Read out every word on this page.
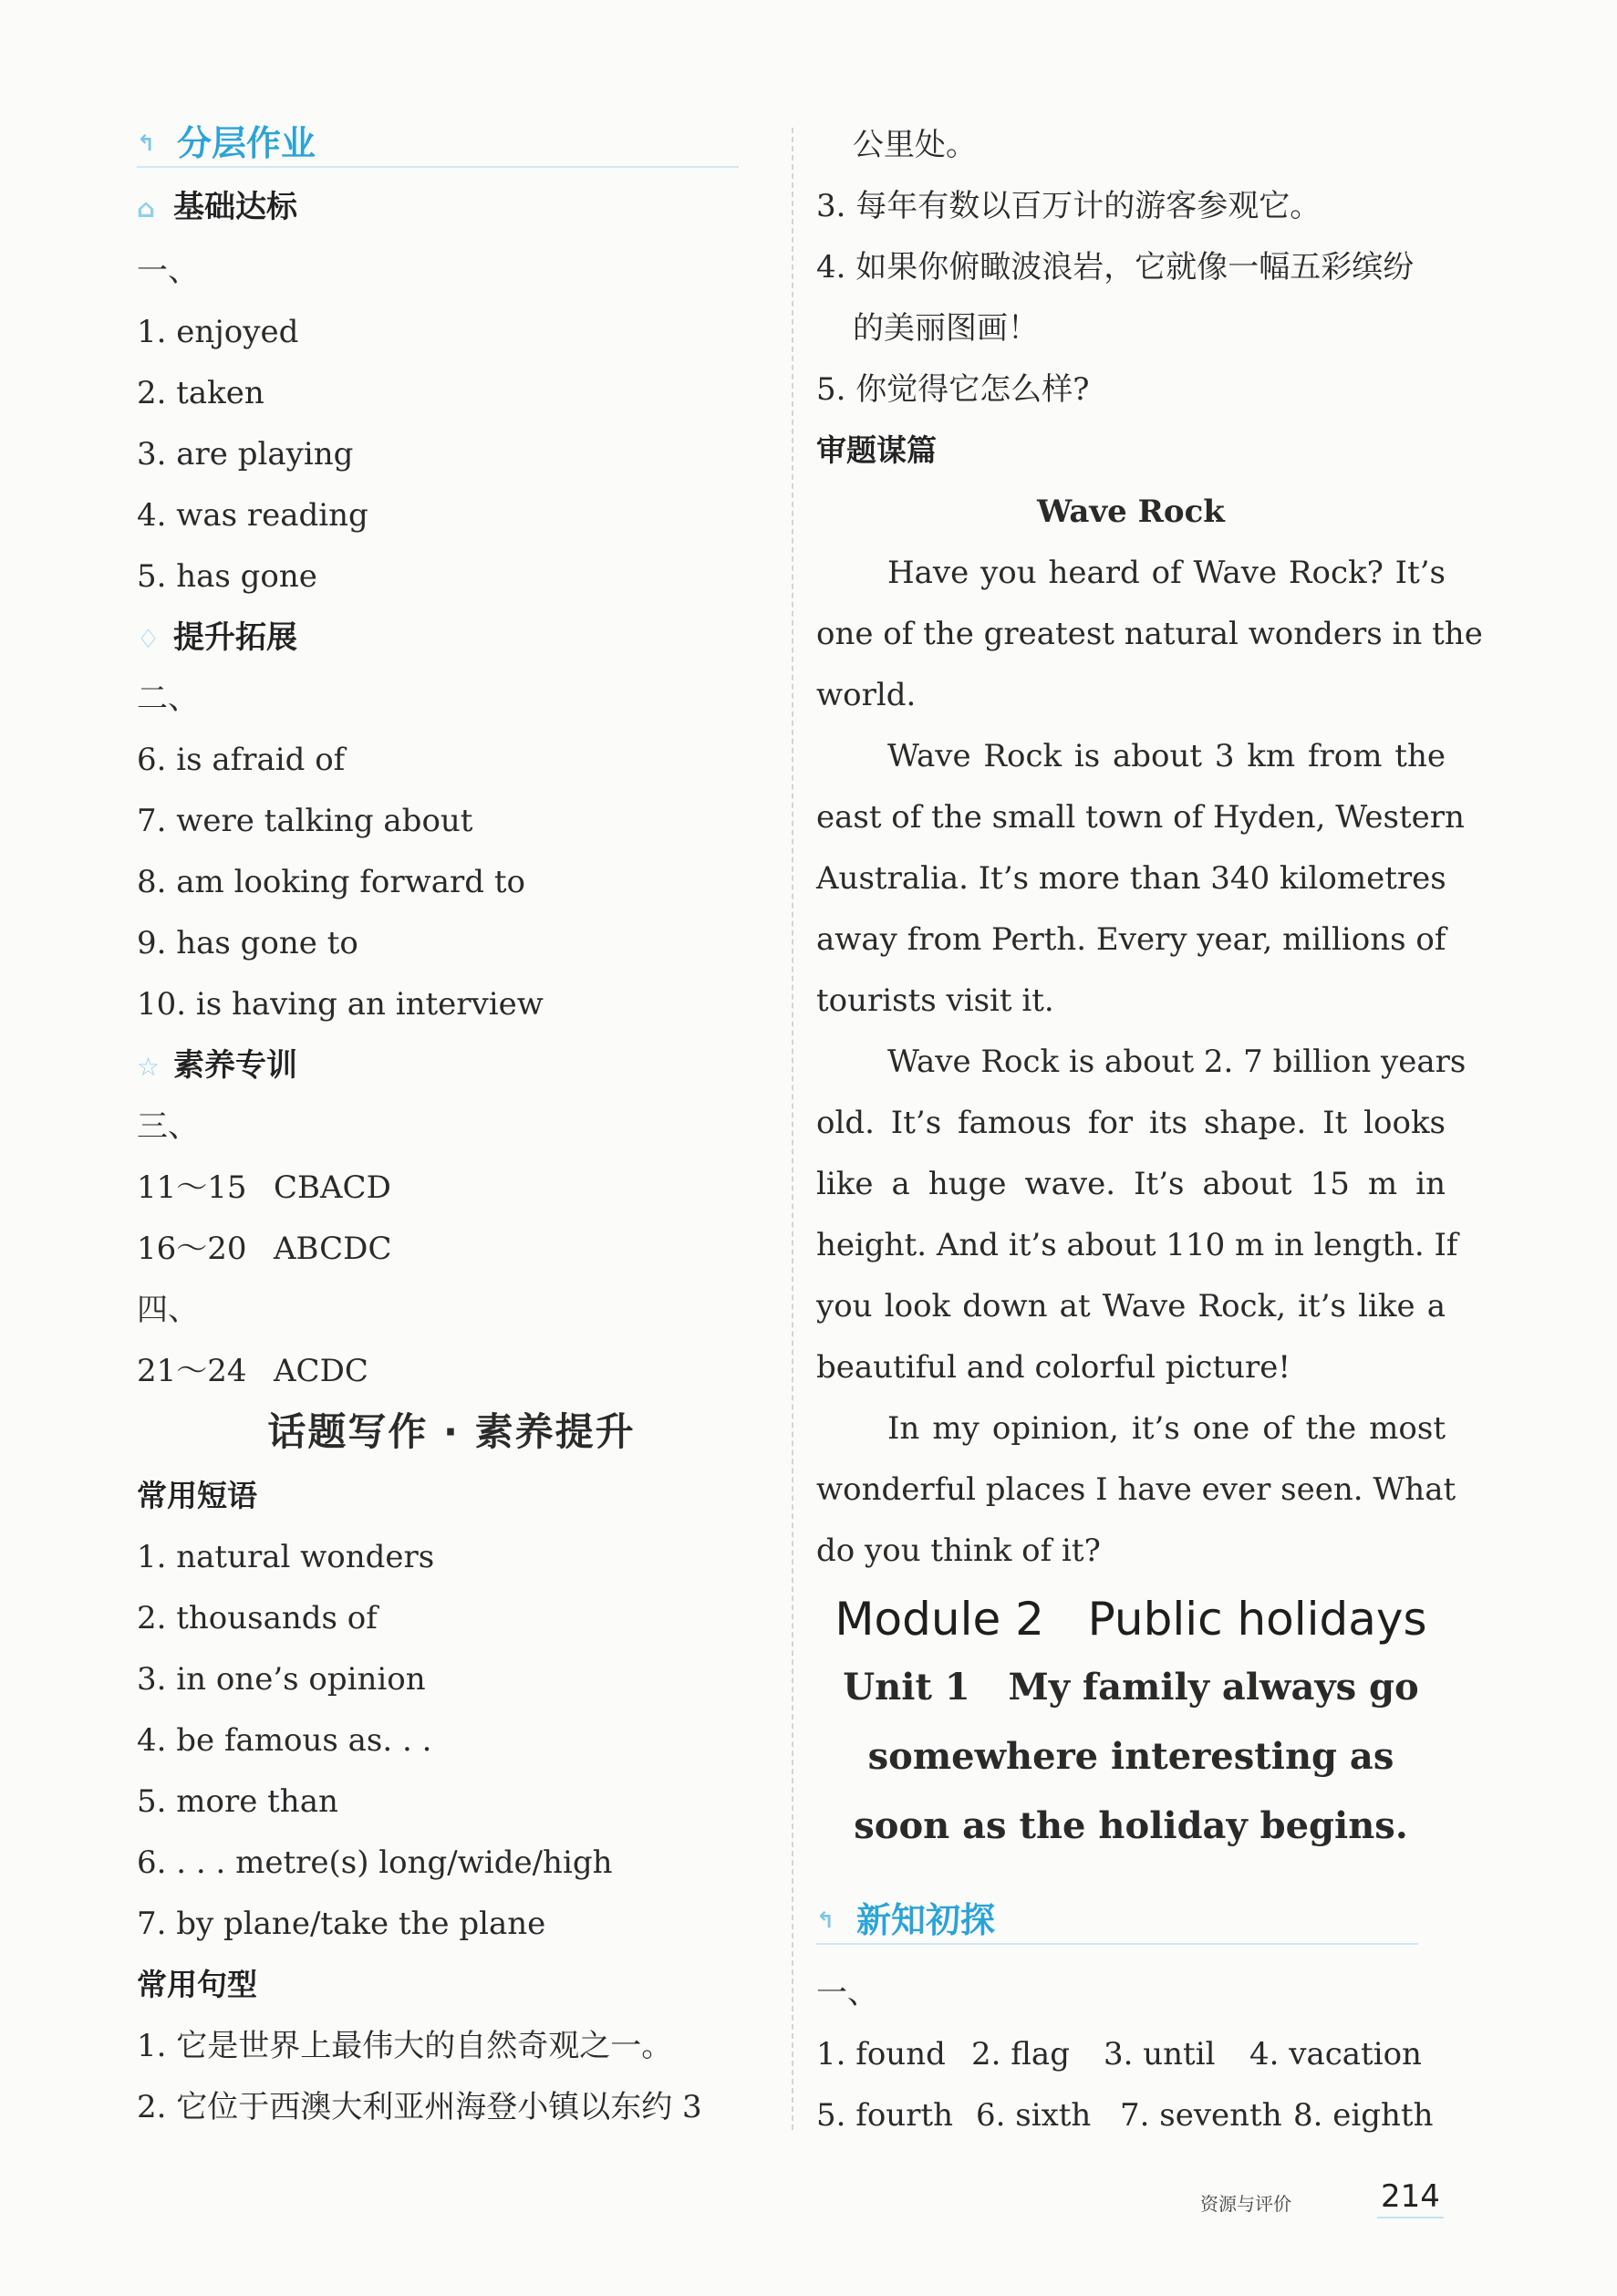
↰ 分层作业
⌂ 基础达标
一、
1. enjoyed
2. taken
3. are playing
4. was reading
5. has gone
♢ 提升拓展
二、
6. is afraid of
7. were talking about
8. am looking forward to
9. has gone to
10. is having an interview
☆ 素养专训
三、
11～15 CBACD
16～20 ABCDC
四、
21～24 ACDC
话题写作 · 素养提升
常用短语
1. natural wonders
2. thousands of
3. in one’s opinion
4. be famous as. . .
5. more than
6. . . . metre(s) long/wide/high
7. by plane/take the plane
常用句型
1. 它是世界上最伟大的自然奇观之一。
2. 它位于西澳大利亚州海登小镇以东约 3
公里处。
3. 每年有数以百万计的游客参观它。
4. 如果你俯瞰波浪岩，它就像一幅五彩缤纷
的美丽图画！
5. 你觉得它怎么样?
审题谋篇
Wave Rock
Have you heard of Wave Rock? It’s
one of the greatest natural wonders in the
world.
Wave Rock is about 3 km from the
east of the small town of Hyden, Western
Australia. It’s more than 340 kilometres
away from Perth. Every year, millions of
tourists visit it.
Wave Rock is about 2. 7 billion years
old. It’s famous for its shape. It looks
like a huge wave. It’s about 15 m in
height. And it’s about 110 m in length. If
you look down at Wave Rock, it’s like a
beautiful and colorful picture!
In my opinion, it’s one of the most
wonderful places I have ever seen. What
do you think of it?
Module 2   Public holidays
Unit 1   My family always go
somewhere interesting as
soon as the holiday begins.
↰ 新知初探
一、
1. found 2. flag 3. until 4. vacation
5. fourth 6. sixth 7. seventh 8. eighth
资源与评价	214
